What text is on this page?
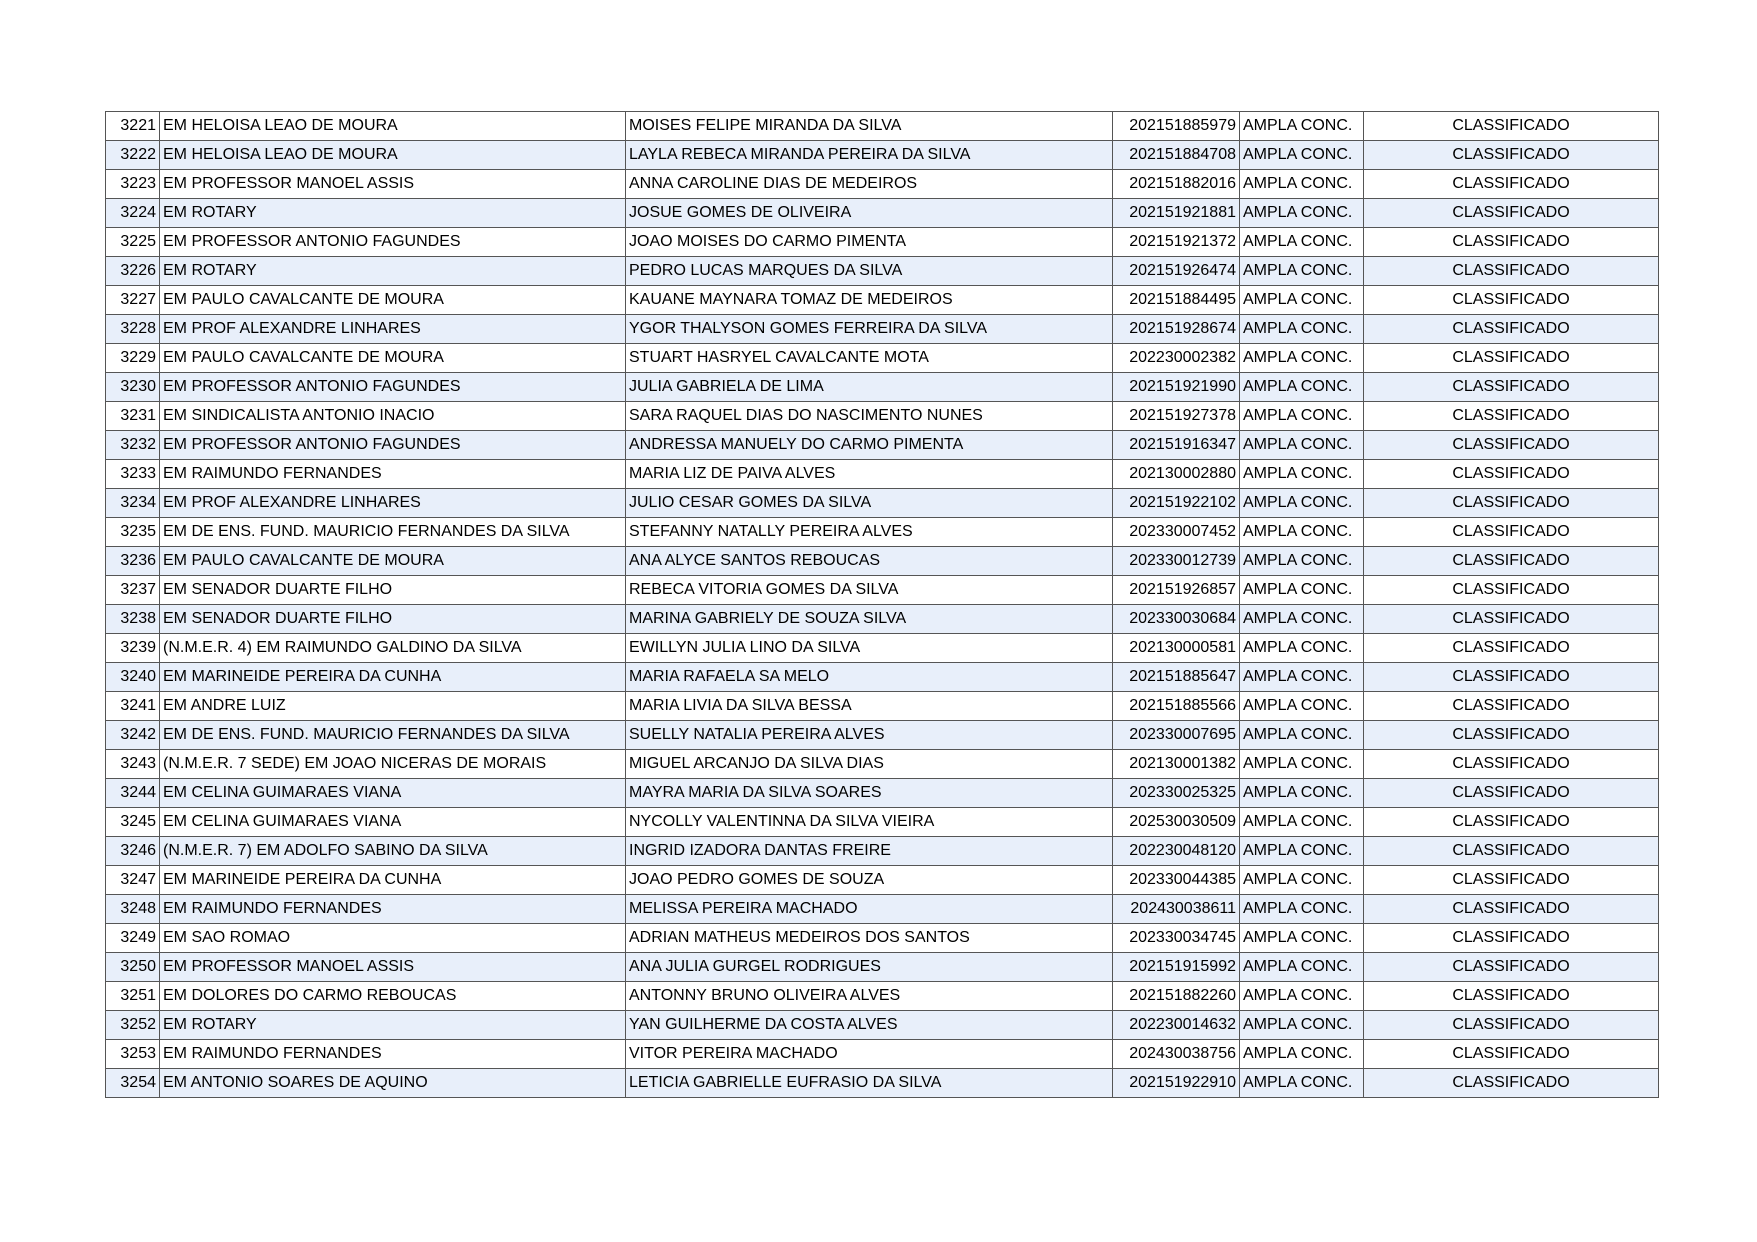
3221	EM HELOISA LEAO DE MOURA	MOISES FELIPE MIRANDA DA SILVA	202151885979	AMPLA CONC.	CLASSIFICADO
3222	EM HELOISA LEAO DE MOURA	LAYLA REBECA MIRANDA PEREIRA DA SILVA	202151884708	AMPLA CONC.	CLASSIFICADO
3223	EM PROFESSOR MANOEL ASSIS	ANNA CAROLINE DIAS DE MEDEIROS	202151882016	AMPLA CONC.	CLASSIFICADO
3224	EM ROTARY	JOSUE GOMES DE OLIVEIRA	202151921881	AMPLA CONC.	CLASSIFICADO
3225	EM PROFESSOR ANTONIO FAGUNDES	JOAO MOISES DO CARMO PIMENTA	202151921372	AMPLA CONC.	CLASSIFICADO
3226	EM ROTARY	PEDRO LUCAS MARQUES DA SILVA	202151926474	AMPLA CONC.	CLASSIFICADO
3227	EM PAULO CAVALCANTE DE MOURA	KAUANE MAYNARA TOMAZ DE MEDEIROS	202151884495	AMPLA CONC.	CLASSIFICADO
3228	EM PROF ALEXANDRE LINHARES	YGOR THALYSON GOMES FERREIRA DA SILVA	202151928674	AMPLA CONC.	CLASSIFICADO
3229	EM PAULO CAVALCANTE DE MOURA	STUART HASRYEL CAVALCANTE MOTA	202230002382	AMPLA CONC.	CLASSIFICADO
3230	EM PROFESSOR ANTONIO FAGUNDES	JULIA GABRIELA DE LIMA	202151921990	AMPLA CONC.	CLASSIFICADO
3231	EM SINDICALISTA ANTONIO INACIO	SARA RAQUEL DIAS DO NASCIMENTO NUNES	202151927378	AMPLA CONC.	CLASSIFICADO
3232	EM PROFESSOR ANTONIO FAGUNDES	ANDRESSA MANUELY DO CARMO PIMENTA	202151916347	AMPLA CONC.	CLASSIFICADO
3233	EM RAIMUNDO FERNANDES	MARIA LIZ DE PAIVA ALVES	202130002880	AMPLA CONC.	CLASSIFICADO
3234	EM PROF ALEXANDRE LINHARES	JULIO CESAR GOMES DA SILVA	202151922102	AMPLA CONC.	CLASSIFICADO
3235	EM DE ENS. FUND. MAURICIO FERNANDES DA SILVA	STEFANNY NATALLY PEREIRA ALVES	202330007452	AMPLA CONC.	CLASSIFICADO
3236	EM PAULO CAVALCANTE DE MOURA	ANA ALYCE SANTOS REBOUCAS	202330012739	AMPLA CONC.	CLASSIFICADO
3237	EM SENADOR DUARTE FILHO	REBECA VITORIA GOMES DA SILVA	202151926857	AMPLA CONC.	CLASSIFICADO
3238	EM SENADOR DUARTE FILHO	MARINA GABRIELY DE SOUZA SILVA	202330030684	AMPLA CONC.	CLASSIFICADO
3239	(N.M.E.R. 4) EM RAIMUNDO GALDINO DA SILVA	EWILLYN JULIA LINO DA SILVA	202130000581	AMPLA CONC.	CLASSIFICADO
3240	EM MARINEIDE PEREIRA DA CUNHA	MARIA RAFAELA SA MELO	202151885647	AMPLA CONC.	CLASSIFICADO
3241	EM ANDRE LUIZ	MARIA LIVIA DA SILVA BESSA	202151885566	AMPLA CONC.	CLASSIFICADO
3242	EM DE ENS. FUND. MAURICIO FERNANDES DA SILVA	SUELLY NATALIA PEREIRA ALVES	202330007695	AMPLA CONC.	CLASSIFICADO
3243	(N.M.E.R. 7 SEDE) EM JOAO NICERAS DE MORAIS	MIGUEL ARCANJO DA SILVA DIAS	202130001382	AMPLA CONC.	CLASSIFICADO
3244	EM CELINA GUIMARAES VIANA	MAYRA MARIA DA SILVA SOARES	202330025325	AMPLA CONC.	CLASSIFICADO
3245	EM CELINA GUIMARAES VIANA	NYCOLLY VALENTINNA DA SILVA VIEIRA	202530030509	AMPLA CONC.	CLASSIFICADO
3246	(N.M.E.R. 7) EM ADOLFO SABINO DA SILVA	INGRID IZADORA DANTAS FREIRE	202230048120	AMPLA CONC.	CLASSIFICADO
3247	EM MARINEIDE PEREIRA DA CUNHA	JOAO PEDRO GOMES DE SOUZA	202330044385	AMPLA CONC.	CLASSIFICADO
3248	EM RAIMUNDO FERNANDES	MELISSA PEREIRA MACHADO	202430038611	AMPLA CONC.	CLASSIFICADO
3249	EM SAO ROMAO	ADRIAN MATHEUS MEDEIROS DOS SANTOS	202330034745	AMPLA CONC.	CLASSIFICADO
3250	EM PROFESSOR MANOEL ASSIS	ANA JULIA GURGEL RODRIGUES	202151915992	AMPLA CONC.	CLASSIFICADO
3251	EM DOLORES DO CARMO REBOUCAS	ANTONNY BRUNO OLIVEIRA ALVES	202151882260	AMPLA CONC.	CLASSIFICADO
3252	EM ROTARY	YAN GUILHERME DA COSTA ALVES	202230014632	AMPLA CONC.	CLASSIFICADO
3253	EM RAIMUNDO FERNANDES	VITOR PEREIRA MACHADO	202430038756	AMPLA CONC.	CLASSIFICADO
3254	EM ANTONIO SOARES DE AQUINO	LETICIA GABRIELLE EUFRASIO DA SILVA	202151922910	AMPLA CONC.	CLASSIFICADO
